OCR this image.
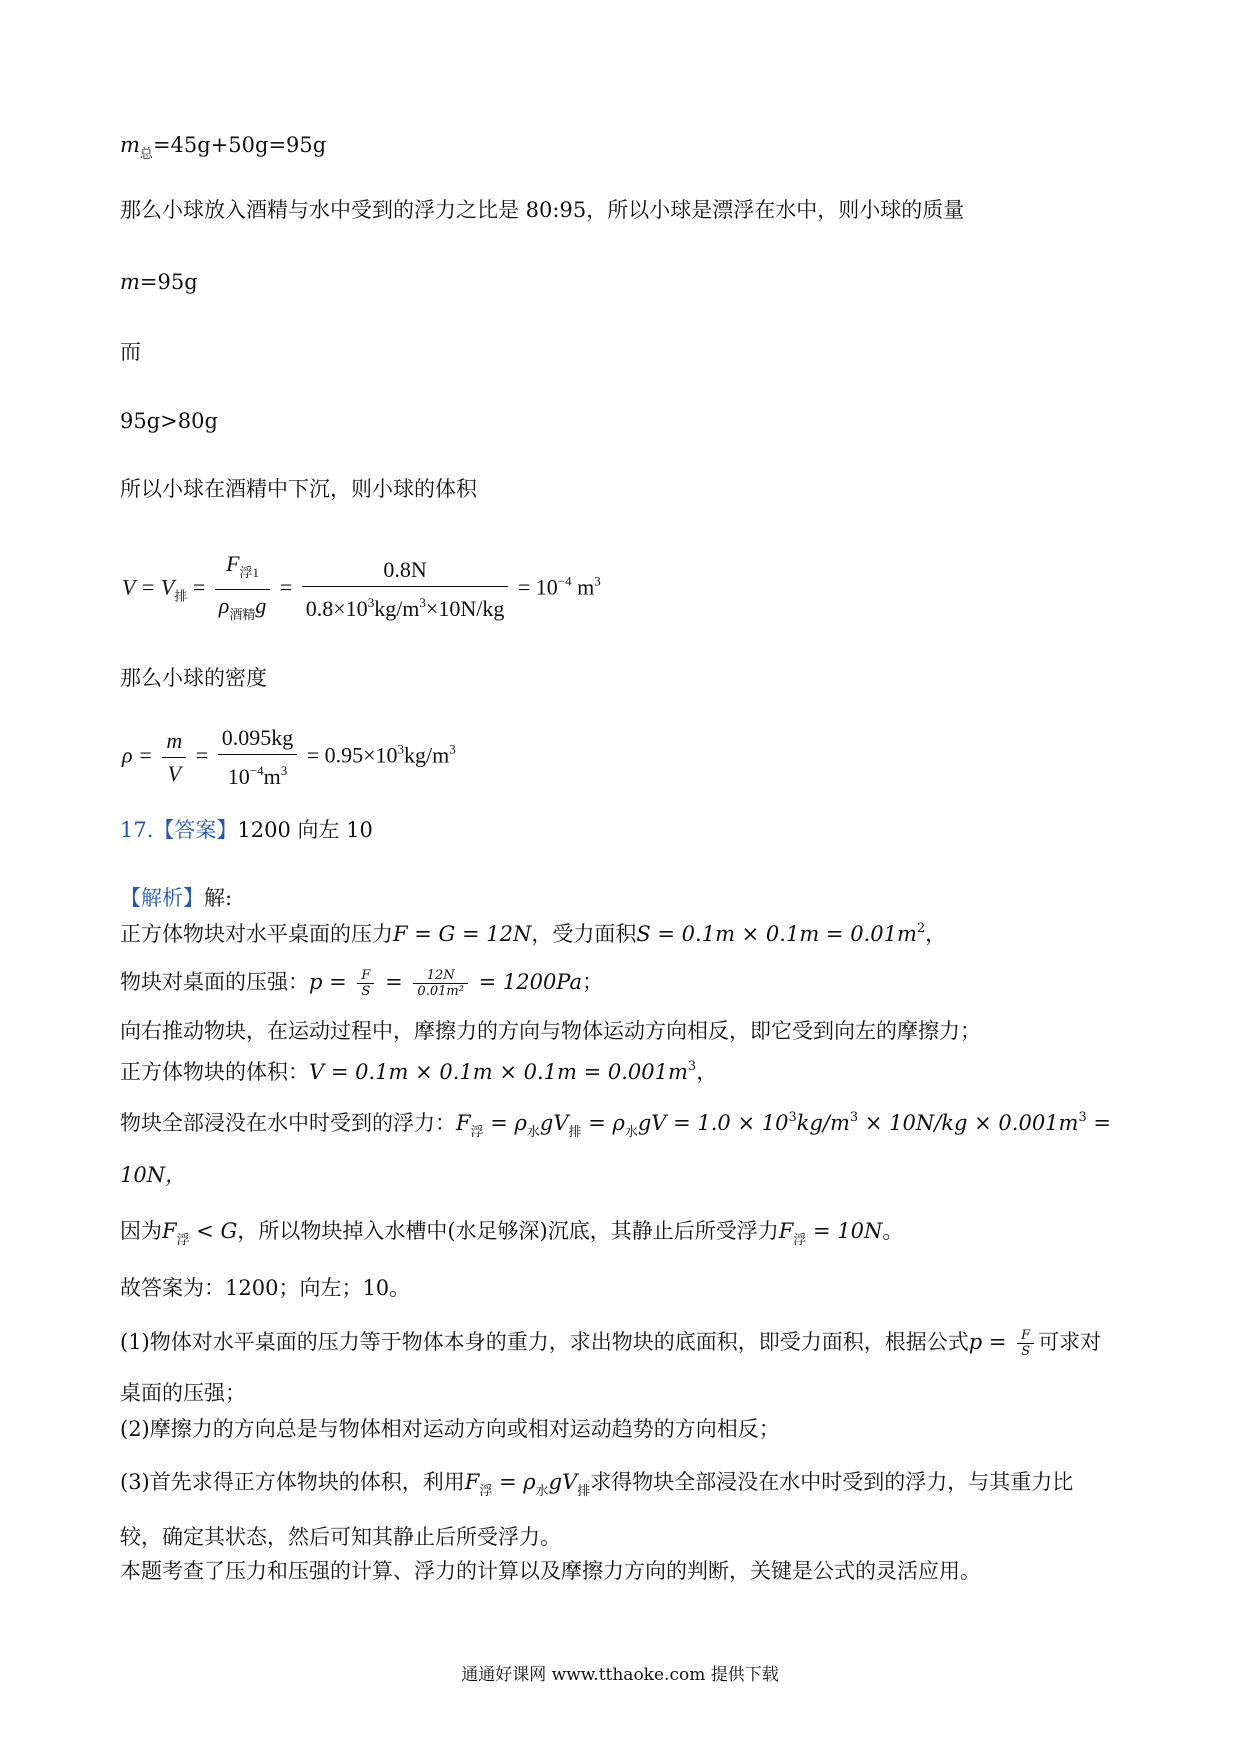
$m_总=45g+50g=95g$
那么小球放入酒精与水中受到的浮力之比是 80:95，所以小球是漂浮在水中，则小球的质量
m=95g
而
95g>80g
所以小球在酒精中下沉，则小球的体积
$V = V_排 = \frac{F_{浮1}}{\rho_{酒精}g} = \frac{0.8N}{0.8\times 10^3kg/m^3\times 10N/kg} = 10^{-4}$ $m^3$
那么小球的密度
$\rho = \frac{m}{V} = \frac{0.095kg}{10^{-4}m^3} = 0.95\times 10^3kg/m^3$
17.【答案】1200 向左 10
【解析】解:
正方体物块对水平桌面的压力F = G = 12N，受力面积$S = 0.1m \times 0.1m = 0.01m^2$，
物块对桌面的压强：$p = \frac{F}{S} = \frac{12N}{\text{0.01m²}} = 1200Pa$；
向右推动物块，在运动过程中，摩擦力的方向与物体运动方向相反，即它受到向左的摩擦力；
正方体物块的体积：$V = 0.1m \times 0.1m \times 0.1m = 0.001m^3$，
物块全部浸没在水中时受到的浮力：$F_浮 = \rho_水gV_排 = \rho_水gV = 1.0 \times 10^3kg/m^3 \times 10N/kg \times 0.001m^3$ =
10N，
因为$F_浮 < G$，所以物块掉入水槽中(水足够深)沉底，其静止后所受浮力$F_浮 = 10N$。
故答案为：1200；向左；10。
(1)物体对水平桌面的压力等于物体本身的重力，求出物块的底面积，即受力面积，根据公式$p = \frac{F}{S}$ 可求对
桌面的压强；
(2)摩擦力的方向总是与物体相对运动方向或相对运动趋势的方向相反；
(3)首先求得正方体物块的体积，利用$F_浮 = \rho_水gV_排$求得物块全部浸没在水中时受到的浮力，与其重力比
较，确定其状态，然后可知其静止后所受浮力。
本题考查了压力和压强的计算、浮力的计算以及摩擦力方向的判断，关键是公式的灵活应用。
通通好课网 www.tthaoke.com 提供下载
